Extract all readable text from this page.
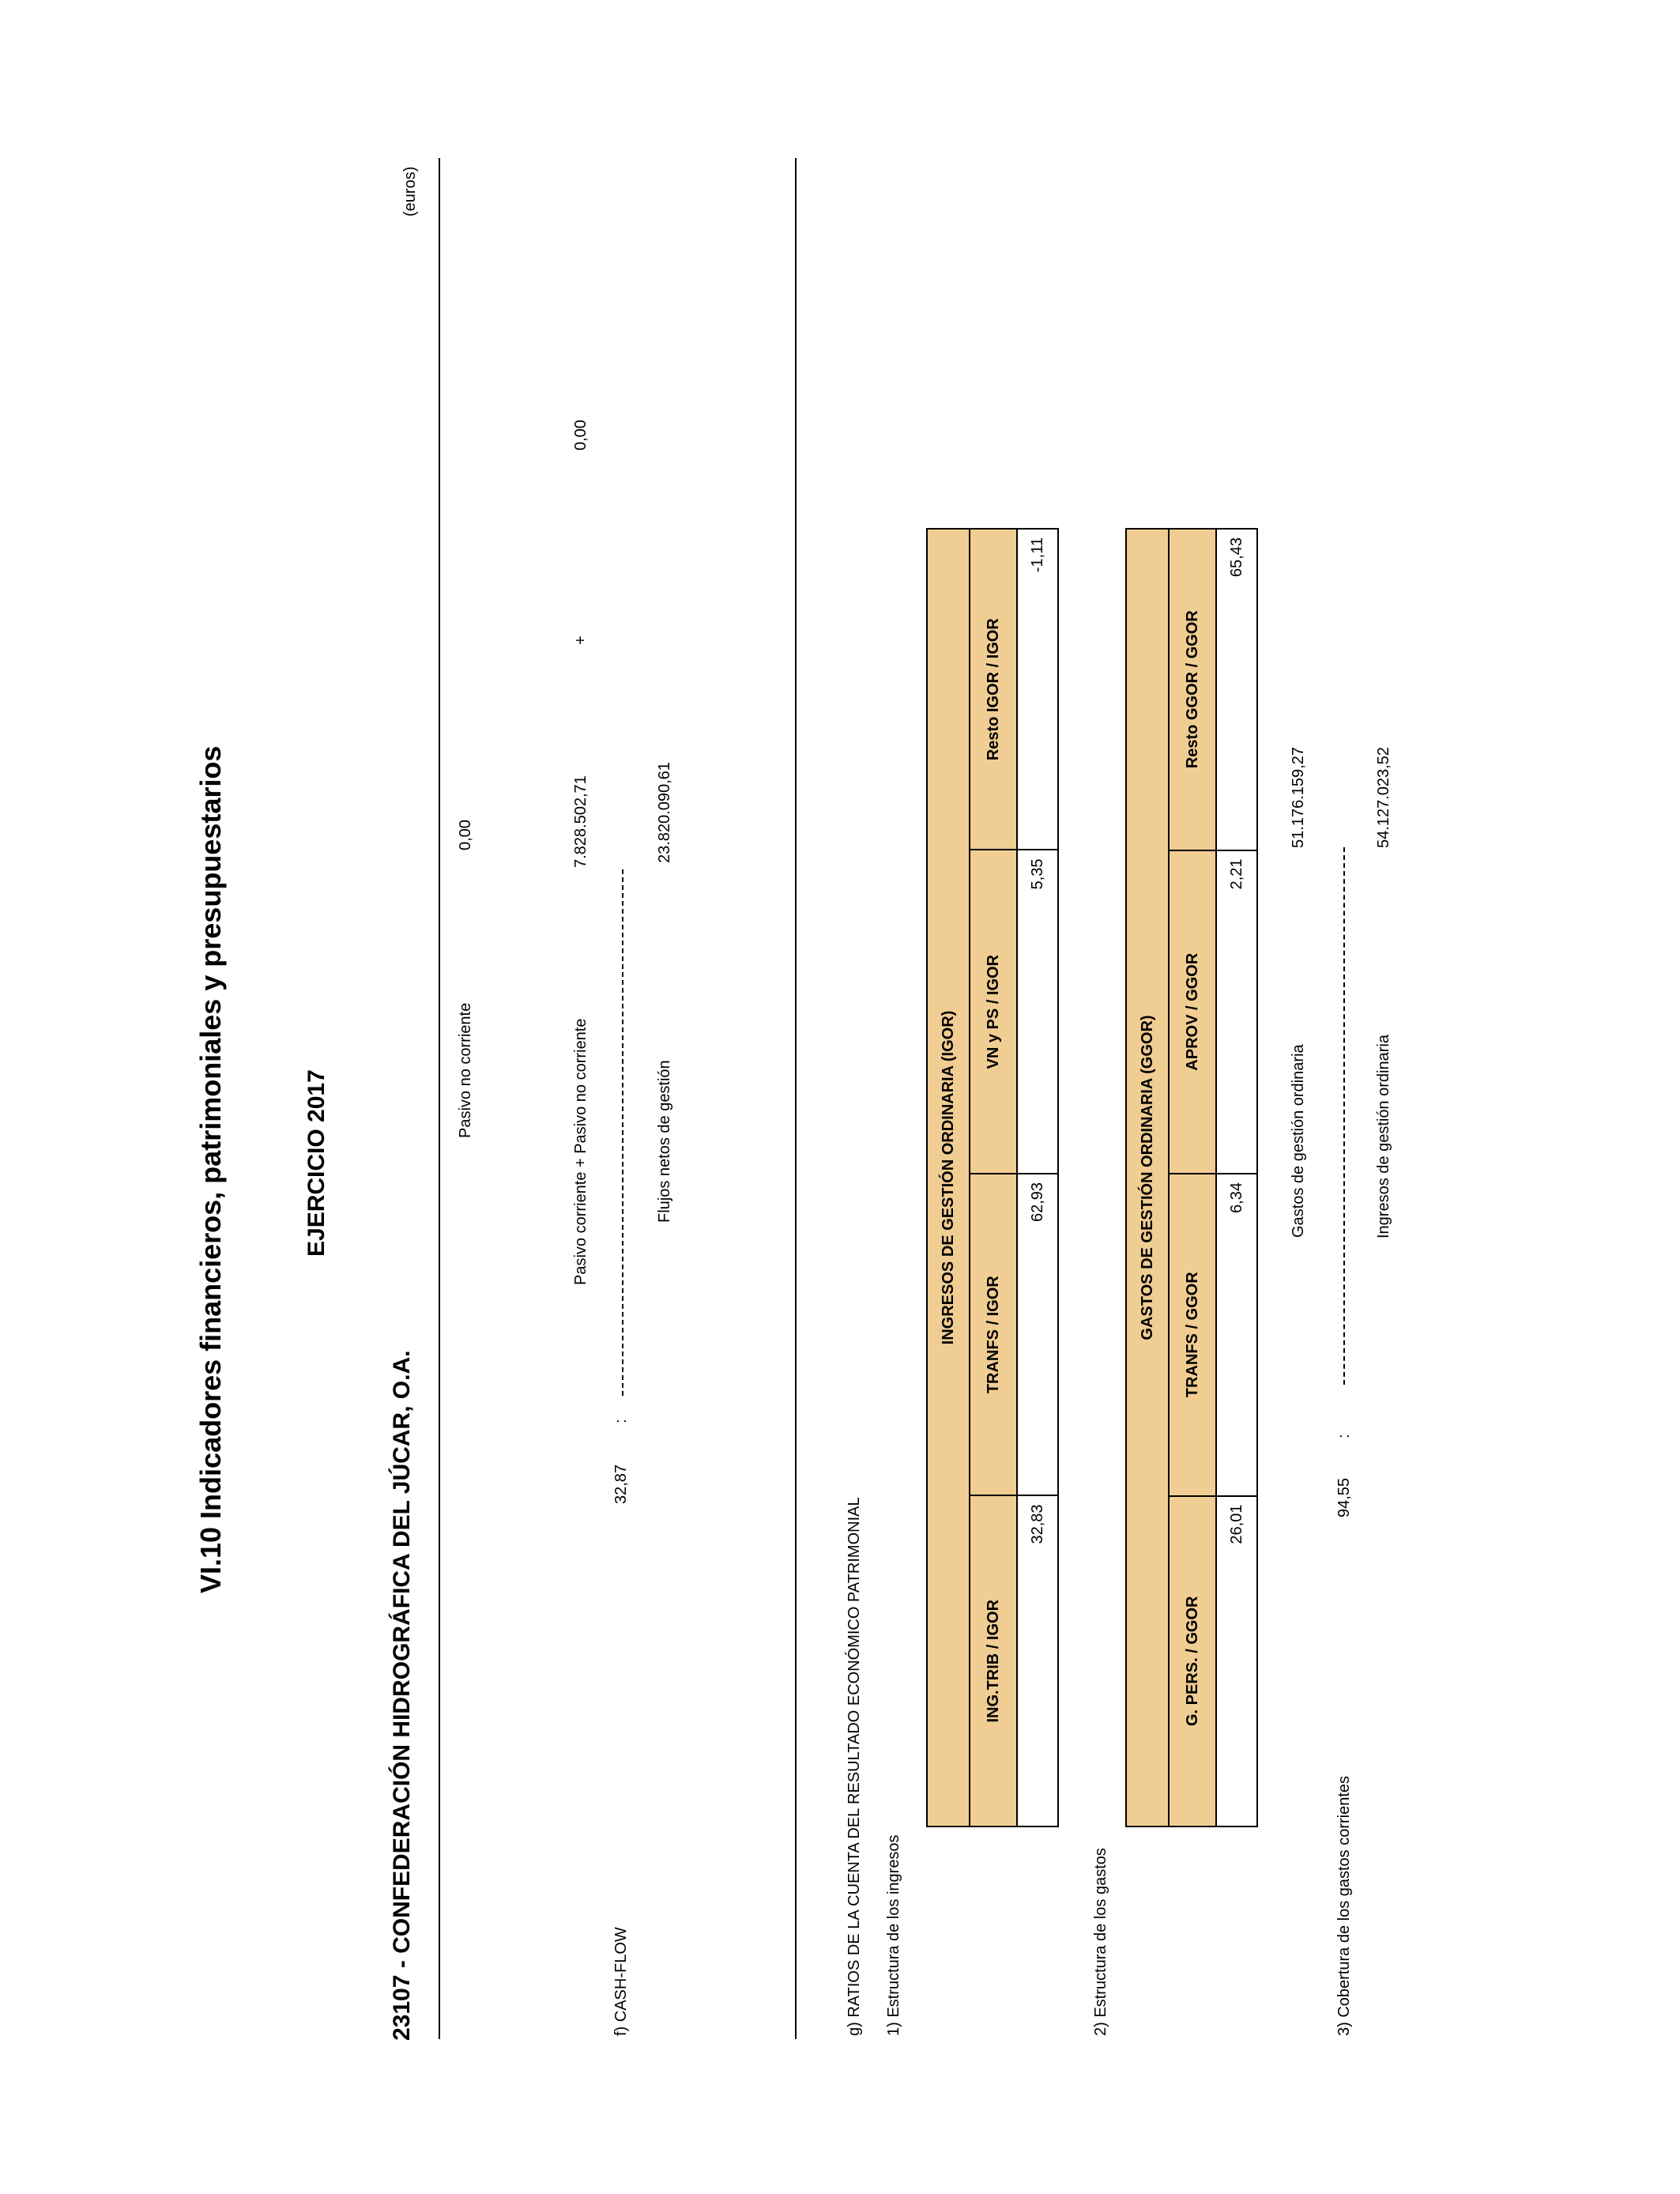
VI.10 Indicadores financieros, patrimoniales y presupuestarios	EJERCICIO 2017
23107 - CONFEDERACIÓN HIDROGRÁFICA DEL JÚCAR, O.A.
(euros)
f) CASH-FLOW
32,87
:
Pasivo no corriente
0,00
Pasivo corriente + Pasivo no corriente
7.828.502,71
+
0,00
Flujos netos de gestión
23.820.090,61
g) RATIOS DE LA CUENTA DEL RESULTADO ECONÓMICO PATRIMONIAL 1) Estructura de los ingresos
INGRESOS DE GESTIÓN ORDINARIA (IGOR)			
ING.TRIB / IGOR	TRANFS / IGOR	VN y PS / IGOR	Resto IGOR / IGOR
32,83	62,93	5,35	-1,11
2) Estructura de los gastos
GASTOS DE GESTIÓN ORDINARIA (GGOR)			
G. PERS. / GGOR	TRANFS / GGOR	APROV / GGOR	Resto GGOR / GGOR
26,01	6,34	2,21	65,43
Gastos de gestión ordinaria
51.176.159,27
3) Cobertura de los gastos corrientes
94,55
:
Ingresos de gestión ordinaria
54.127.023,52
